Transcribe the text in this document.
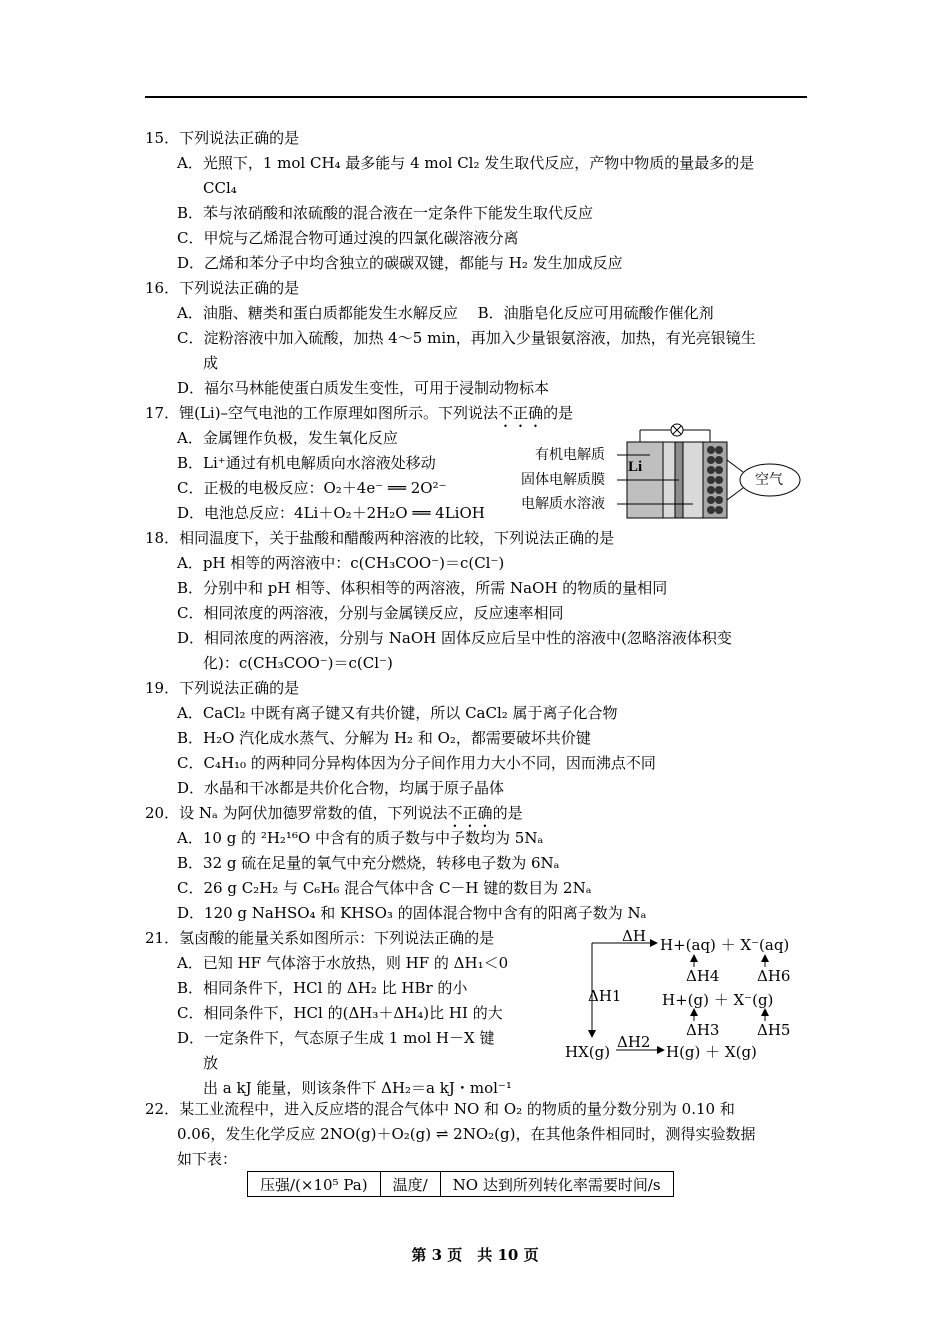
15．下列说法正确的是
A．光照下，1 mol CH₄ 最多能与 4 mol Cl₂ 发生取代反应，产物中物质的量最多的是
CCl₄
B．苯与浓硝酸和浓硫酸的混合液在一定条件下能发生取代反应
C．甲烷与乙烯混合物可通过溴的四氯化碳溶液分离
D．乙烯和苯分子中均含独立的碳碳双键，都能与 H₂ 发生加成反应
16．下列说法正确的是
A．油脂、糖类和蛋白质都能发生水解反应　 B．油脂皂化反应可用硫酸作催化剂
C．淀粉溶液中加入硫酸，加热 4～5 min，再加入少量银氨溶液，加热，有光亮银镜生
成
D．福尔马林能使蛋白质发生变性，可用于浸制动物标本
17．锂(Li)–空气电池的工作原理如图所示。下列说法不正确的是
A．金属锂作负极，发生氧化反应
B．Li⁺通过有机电解质向水溶液处移动
C．正极的电极反应：O₂＋4e⁻ ══ 2O²⁻
D．电池总反应：4Li＋O₂＋2H₂O ══ 4LiOH
Li
有机电解质
固体电解质膜
电解质水溶液
空气
18．相同温度下，关于盐酸和醋酸两种溶液的比较，下列说法正确的是
A．pH 相等的两溶液中：c(CH₃COO⁻)＝c(Cl⁻)
B．分别中和 pH 相等、体积相等的两溶液，所需 NaOH 的物质的量相同
C．相同浓度的两溶液，分别与金属镁反应，反应速率相同
D．相同浓度的两溶液，分别与 NaOH 固体反应后呈中性的溶液中(忽略溶液体积变
化)：c(CH₃COO⁻)＝c(Cl⁻)
19．下列说法正确的是
A．CaCl₂ 中既有离子键又有共价键，所以 CaCl₂ 属于离子化合物
B．H₂O 汽化成水蒸气、分解为 H₂ 和 O₂，都需要破坏共价键
C．C₄H₁₀ 的两种同分异构体因为分子间作用力大小不同，因而沸点不同
D．水晶和干冰都是共价化合物，均属于原子晶体
20．设 Nₐ 为阿伏加德罗常数的值，下列说法不正确的是
A．10 g 的 ²H₂¹⁶O 中含有的质子数与中子数均为 5Nₐ
B．32 g 硫在足量的氧气中充分燃烧，转移电子数为 6Nₐ
C．26 g C₂H₂ 与 C₆H₆ 混合气体中含 C－H 键的数目为 2Nₐ
D．120 g NaHSO₄ 和 KHSO₃ 的固体混合物中含有的阳离子数为 Nₐ
21．氢卤酸的能量关系如图所示：下列说法正确的是
A．已知 HF 气体溶于水放热，则 HF 的 ΔH₁＜0
B．相同条件下，HCl 的 ΔH₂ 比 HBr 的小
C．相同条件下，HCl 的(ΔH₃＋ΔH₄)比 HI 的大
D．一定条件下，气态原子生成 1 mol H－X 键
放
出 a kJ 能量，则该条件下 ΔH₂＝a kJ・mol⁻¹
ΔH H+(aq) ＋ X⁻(aq)
ΔH4	ΔH6
ΔH1	H+(g) ＋ X⁻(g)
ΔH3	ΔH5
HX(g)
ΔH2
H(g) ＋ X(g)
22．某工业流程中，进入反应塔的混合气体中 NO 和 O₂ 的物质的量分数分别为 0.10 和
0.06，发生化学反应 2NO(g)＋O₂(g) ⇌ 2NO₂(g)，在其他条件相同时，测得实验数据
如下表：
压强/(×10⁵ Pa)	温度/	NO 达到所列转化率需要时间/s
第 3 页　共 10 页
